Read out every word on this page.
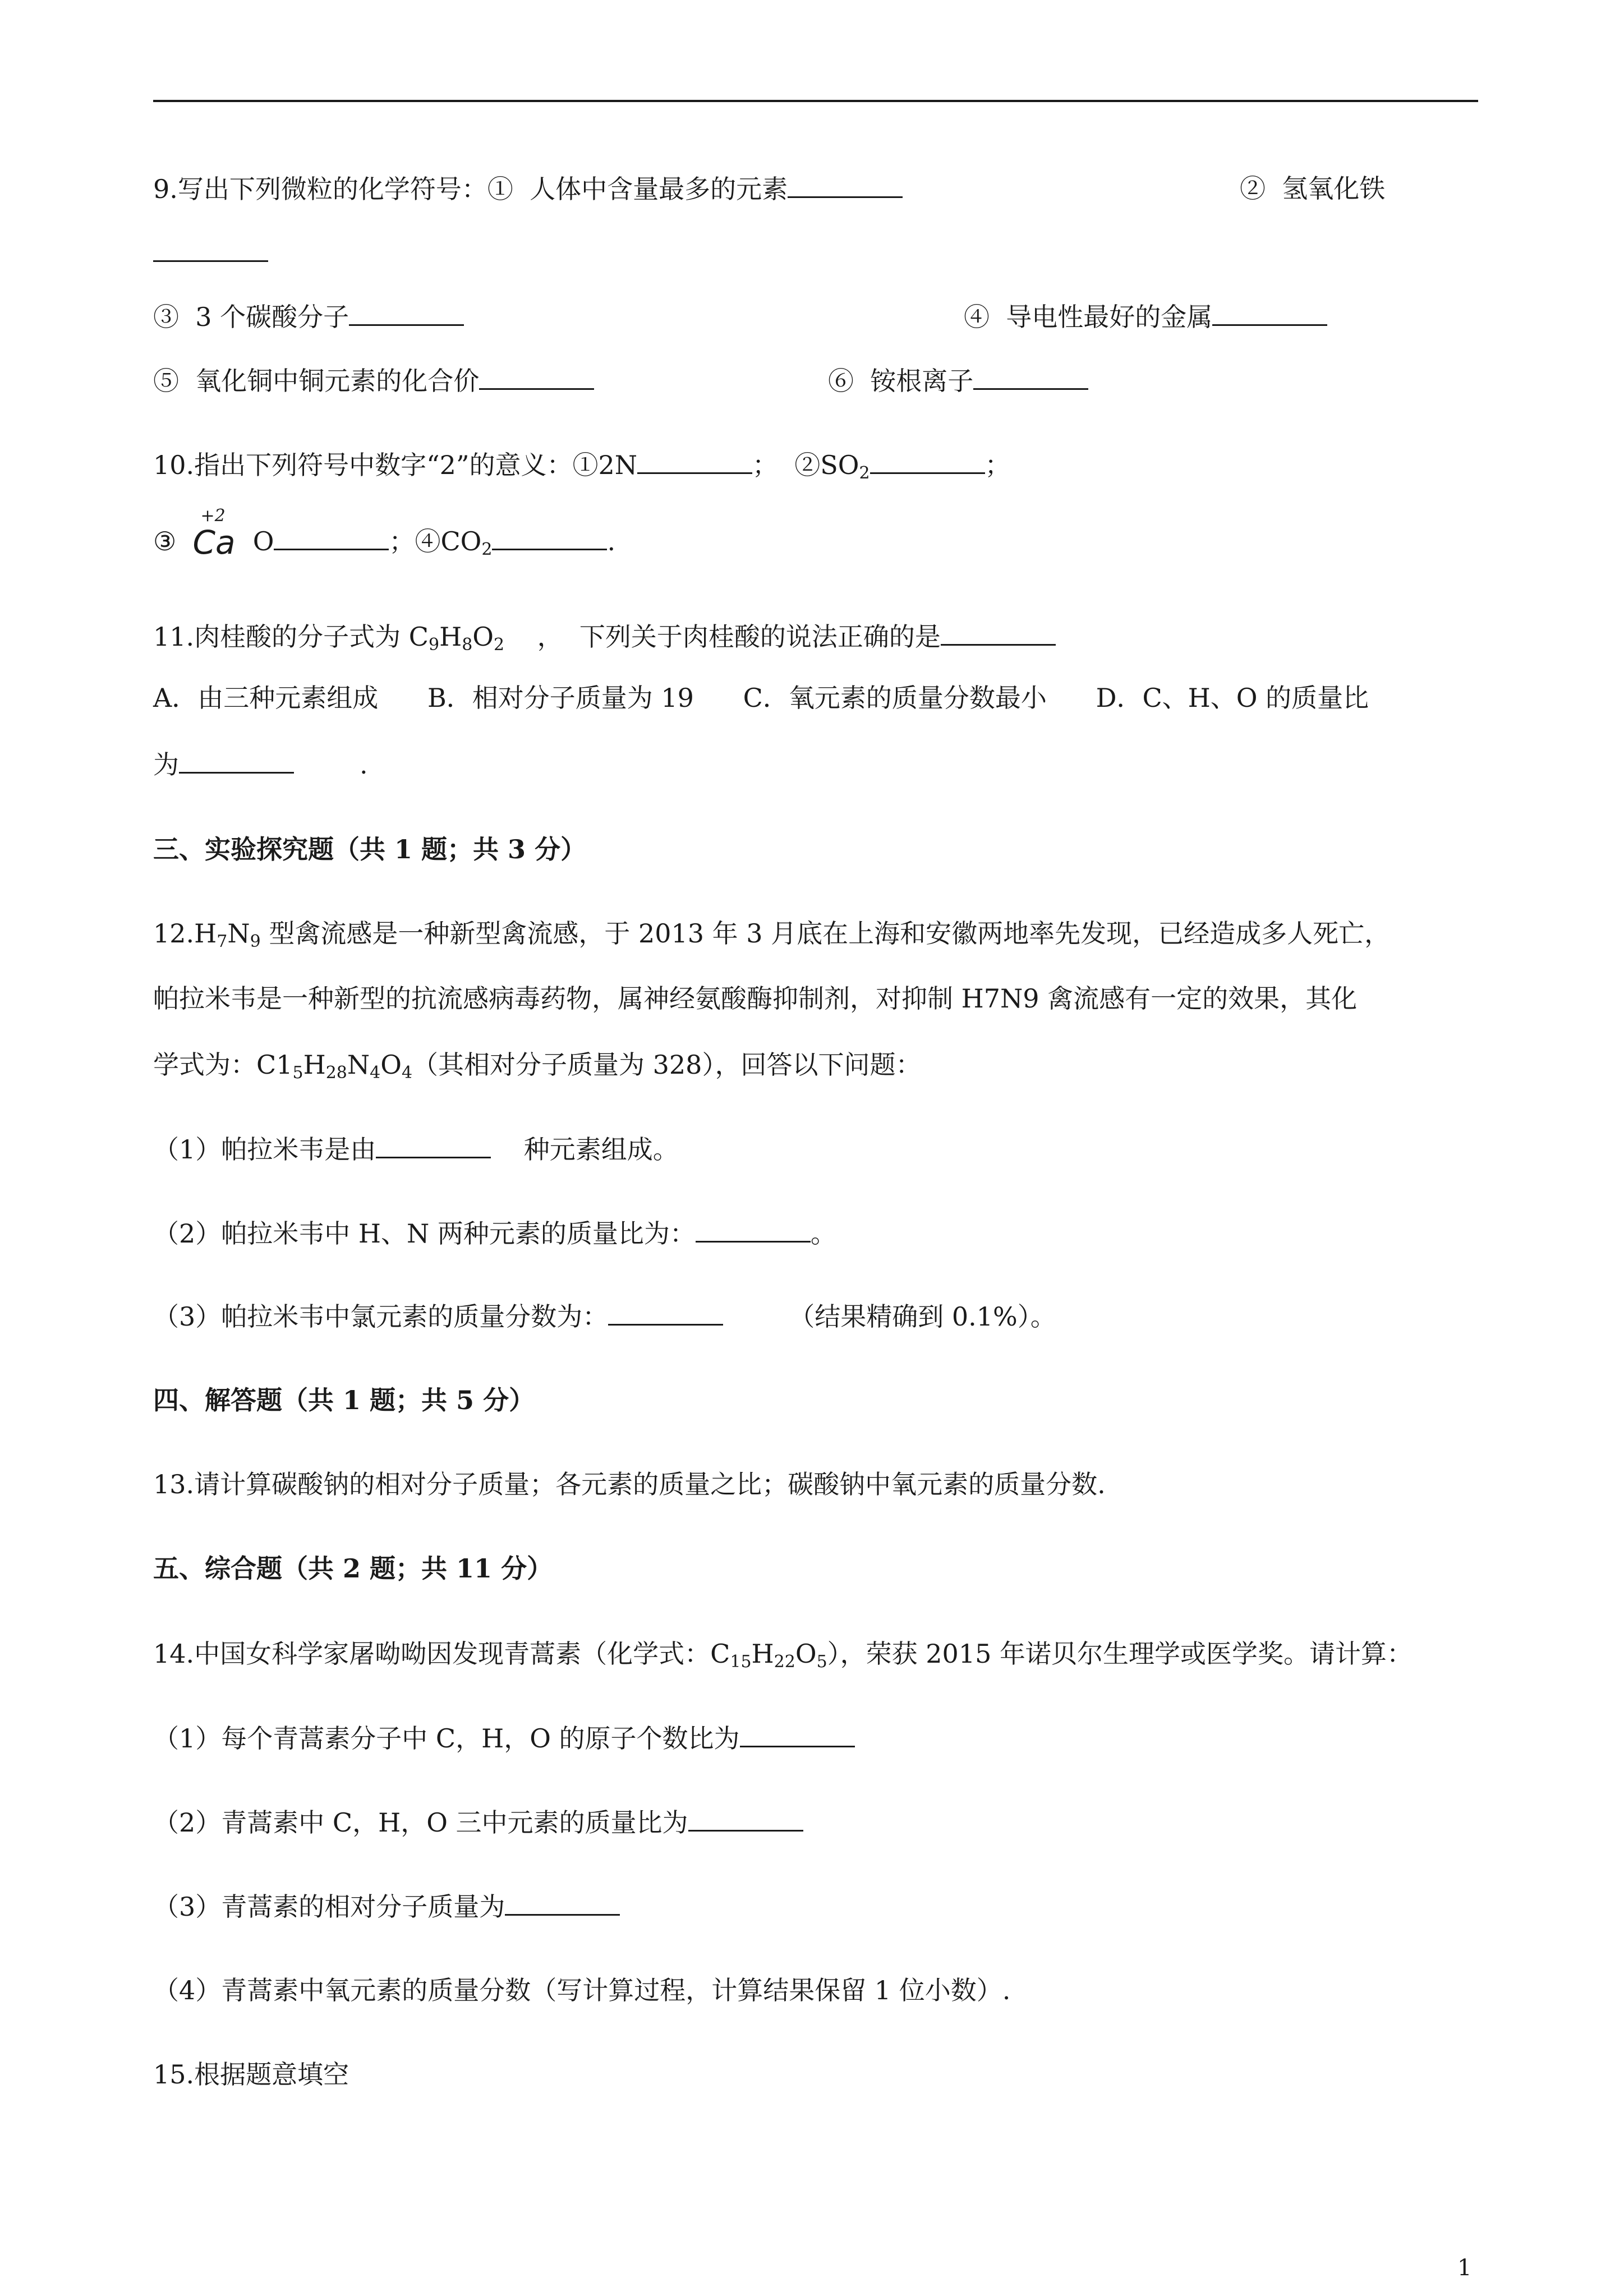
9.写出下列微粒的化学符号：①  人体中含量最多的元素	②  氢氧化铁
③  3 个碳酸分子	④  导电性最好的金属
⑤  氧化铜中铜元素的化合价	⑥  铵根离子
10.指出下列符号中数字“2”的意义：①2N	；  $②SO_2$	；
③
+2
Ca O	；$④CO_2$	.
11.肉桂酸的分子式为 $C_9H_8O_2$    ，  下列关于肉桂酸的说法正确的是
A．由三种元素组成      B．相对分子质量为 19      C．氧元素的质量分数最小      D．C、H、O 的质量比
为	.
三、实验探究题（共 1 题；共 3 分）
$12.H_7N_9$ 型禽流感是一种新型禽流感，于 2013 年 3 月底在上海和安徽两地率先发现，已经造成多人死亡，
帕拉米韦是一种新型的抗流感病毒药物，属神经氨酸酶抑制剂，对抑制 H7N9 禽流感有一定的效果，其化
学式为：$C1_5H_{28}N_4O_4$（其相对分子质量为 328），回答以下问题：
（1）帕拉米韦是由	种元素组成。
（2）帕拉米韦中 H、N 两种元素的质量比为：	。
（3）帕拉米韦中氯元素的质量分数为：	（结果精确到 0.1%）。
四、解答题（共 1 题；共 5 分）
13.请计算碳酸钠的相对分子质量；各元素的质量之比；碳酸钠中氧元素的质量分数.
五、综合题（共 2 题；共 11 分）
14.中国女科学家屠呦呦因发现青蒿素（化学式：$C_{15}H_{22}O_5$），荣获 2015 年诺贝尔生理学或医学奖。请计算：
（1）每个青蒿素分子中 C，H，O 的原子个数比为
（2）青蒿素中 C，H，O 三中元素的质量比为
（3）青蒿素的相对分子质量为
（4）青蒿素中氧元素的质量分数（写计算过程，计算结果保留 1 位小数）.
15.根据题意填空
1
